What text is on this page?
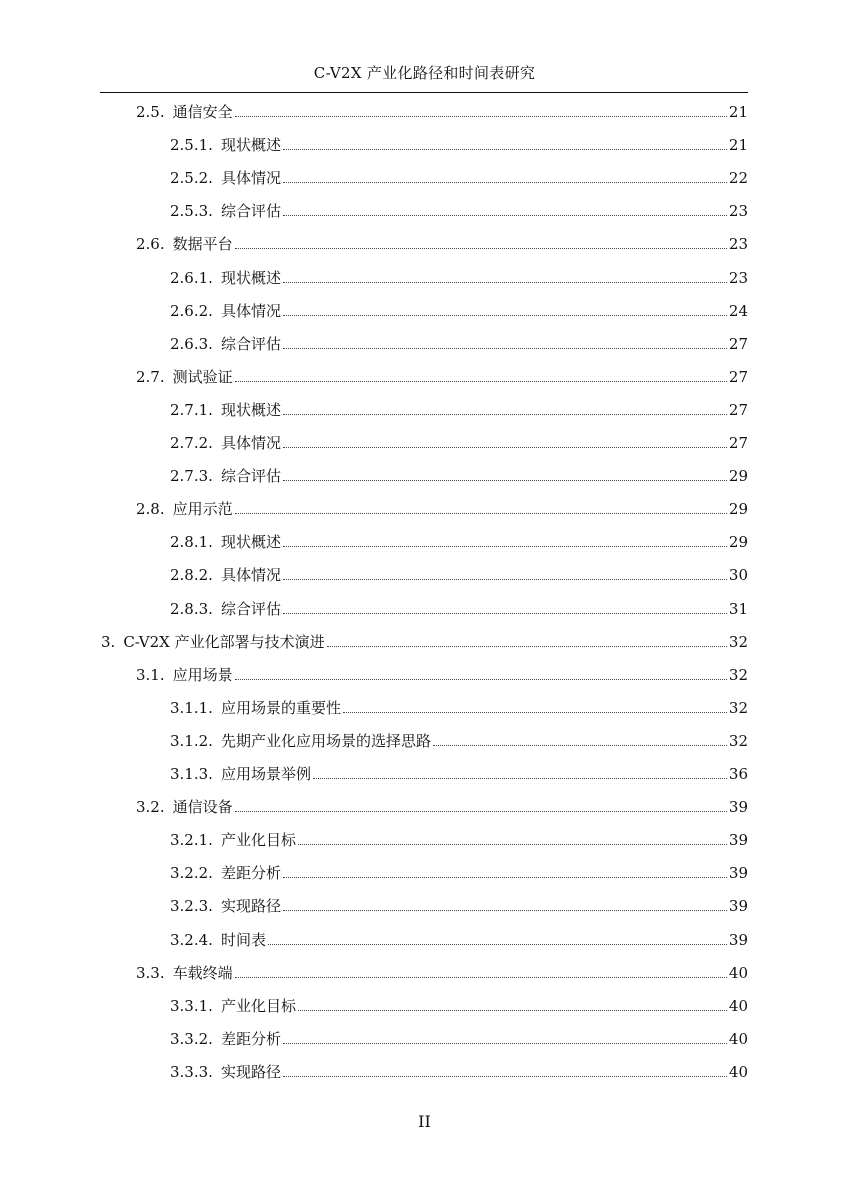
C-V2X 产业化路径和时间表研究
2.5. 通信安全	21
2.5.1. 现状概述	21
2.5.2. 具体情况	22
2.5.3. 综合评估	23
2.6. 数据平台	23
2.6.1. 现状概述	23
2.6.2. 具体情况	24
2.6.3. 综合评估	27
2.7. 测试验证	27
2.7.1. 现状概述	27
2.7.2. 具体情况	27
2.7.3. 综合评估	29
2.8. 应用示范	29
2.8.1. 现状概述	29
2.8.2. 具体情况	30
2.8.3. 综合评估	31
3. C-V2X 产业化部署与技术演进	32
3.1. 应用场景	32
3.1.1. 应用场景的重要性	32
3.1.2. 先期产业化应用场景的选择思路	32
3.1.3. 应用场景举例	36
3.2. 通信设备	39
3.2.1. 产业化目标	39
3.2.2. 差距分析	39
3.2.3. 实现路径	39
3.2.4. 时间表	39
3.3. 车载终端	40
3.3.1. 产业化目标	40
3.3.2. 差距分析	40
3.3.3. 实现路径	40
II
